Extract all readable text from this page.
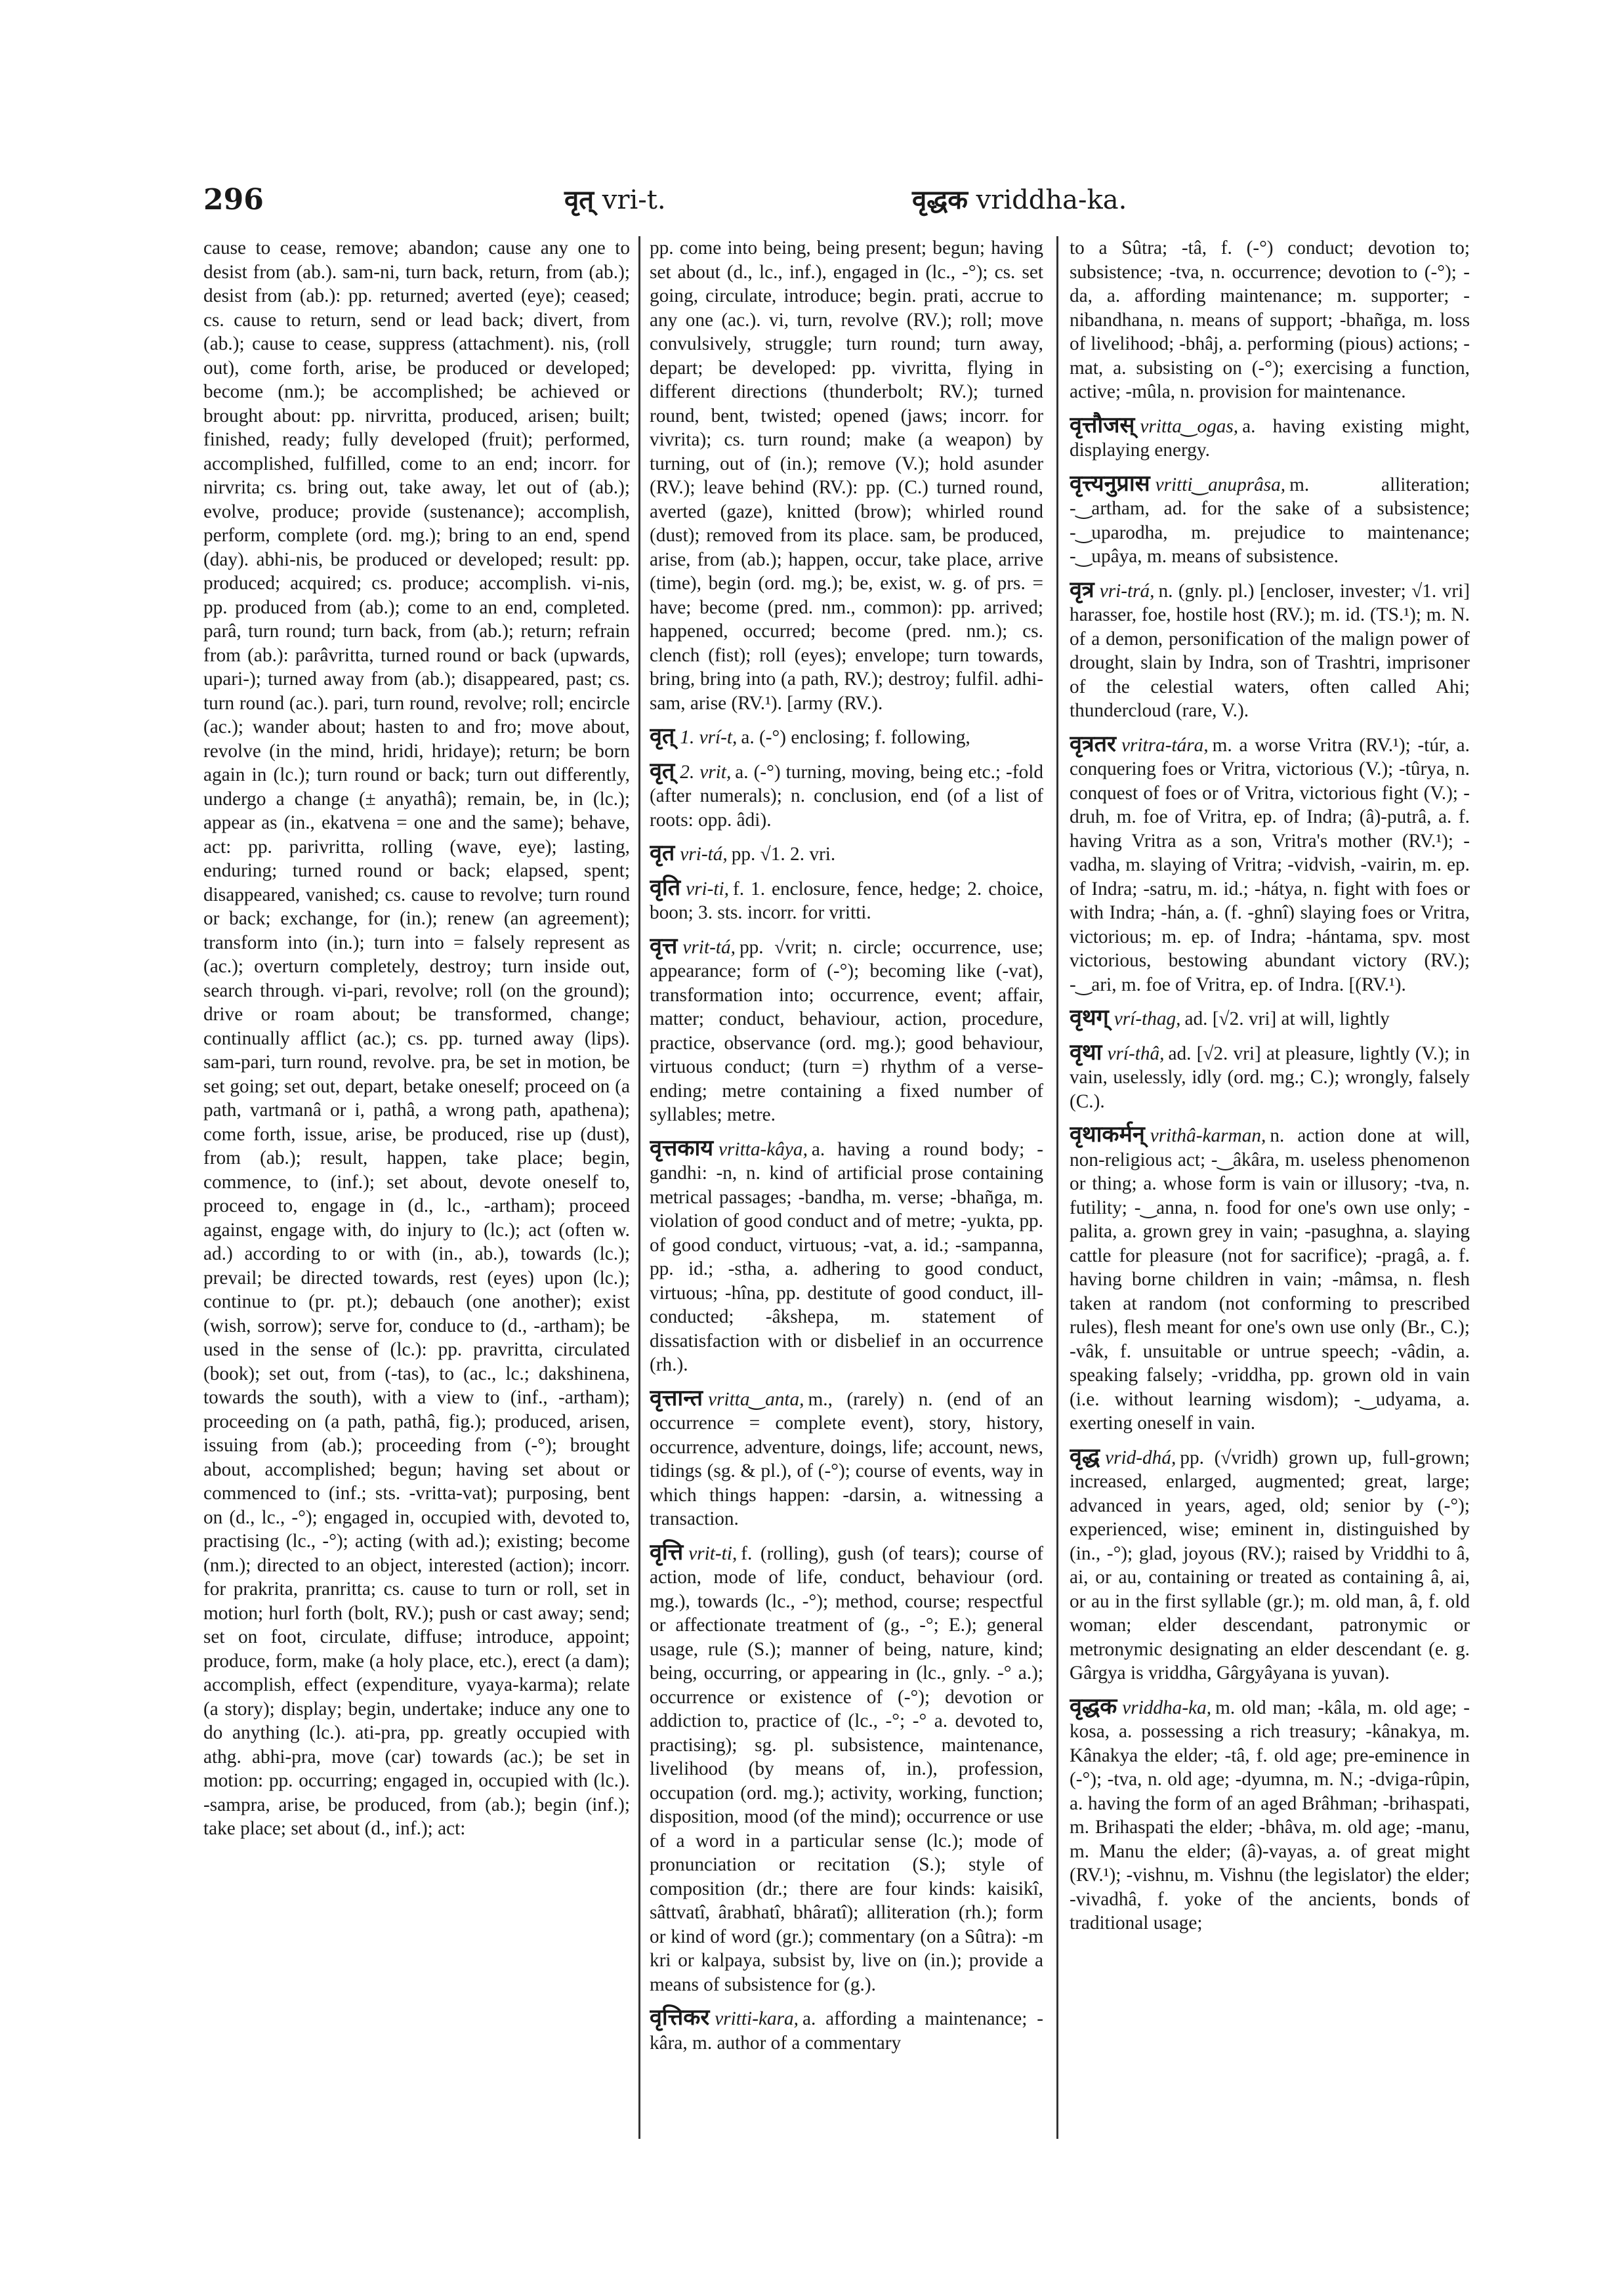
296	वृत् vri-t.	वृद्धक vriddha-ka.

cause to cease, remove; abandon; cause any one to desist from (ab.). sam-ni, turn back, return, from (ab.); desist from (ab.): pp. returned; averted (eye); ceased; cs. cause to return, send or lead back; divert, from (ab.); cause to cease, suppress (attachment). nis, (roll out), come forth, arise, be produced or developed; become (nm.); be accomplished; be achieved or brought about: pp. nirvritta, produced, arisen; built; finished, ready; fully developed (fruit); performed, accomplished, fulfilled, come to an end; incorr. for nirvrita; cs. bring out, take away, let out of (ab.); evolve, produce; provide (sustenance); accomplish, perform, complete (ord. mg.); bring to an end, spend (day). abhi-nis, be produced or developed; result: pp. produced; acquired; cs. produce; accomplish. vi-nis, pp. produced from (ab.); come to an end, completed. parâ, turn round; turn back, from (ab.); return; refrain from (ab.): parâvritta, turned round or back (upwards, upari-); turned away from (ab.); disappeared, past; cs. turn round (ac.). pari, turn round, revolve; roll; encircle (ac.); wander about; hasten to and fro; move about, revolve (in the mind, hridi, hridaye); return; be born again in (lc.); turn round or back; turn out differently, undergo a change (± anyathâ); remain, be, in (lc.); appear as (in., ekatvena = one and the same); behave, act: pp. parivritta, rolling (wave, eye); lasting, enduring; turned round or back; elapsed, spent; disappeared, vanished; cs. cause to revolve; turn round or back; exchange, for (in.); renew (an agreement); transform into (in.); turn into = falsely represent as (ac.); overturn completely, destroy; turn inside out, search through. vi-pari, revolve; roll (on the ground); drive or roam about; be transformed, change; continually afflict (ac.); cs. pp. turned away (lips). sam-pari, turn round, revolve. pra, be set in motion, be set going; set out, depart, betake oneself; proceed on (a path, vartmanâ or i, pathâ, a wrong path, apathena); come forth, issue, arise, be produced, rise up (dust), from (ab.); result, happen, take place; begin, commence, to (inf.); set about, devote oneself to, proceed to, engage in (d., lc., -artham); proceed against, engage with, do injury to (lc.); act (often w. ad.) according to or with (in., ab.), towards (lc.); prevail; be directed towards, rest (eyes) upon (lc.); continue to (pr. pt.); debauch (one another); exist (wish, sorrow); serve for, conduce to (d., -artham); be used in the sense of (lc.): pp. pravritta, circulated (book); set out, from (-tas), to (ac., lc.; dakshinena, towards the south), with a view to (inf., -artham); proceeding on (a path, pathâ, fig.); produced, arisen, issuing from (ab.); proceeding from (-°); brought about, accomplished; begun; having set about or commenced to (inf.; sts. -vritta-vat); purposing, bent on (d., lc., -°); engaged in, occupied with, devoted to, practising (lc., -°); acting (with ad.); existing; become (nm.); directed to an object, interested (action); incorr. for prakrita, pranritta; cs. cause to turn or roll, set in motion; hurl forth (bolt, RV.); push or cast away; send; set on foot, circulate, diffuse; introduce, appoint; produce, form, make (a holy place, etc.), erect (a dam); accomplish, effect (expenditure, vyaya-karma); relate (a story); display; begin, undertake; induce any one to do anything (lc.). ati-pra, pp. greatly occupied with athg. abhi-pra, move (car) towards (ac.); be set in motion: pp. occurring; engaged in, occupied with (lc.). -sampra, arise, be produced, from (ab.); begin (inf.); take place; set about (d., inf.); act:

pp. come into being, being present; begun; having set about (d., lc., inf.), engaged in (lc., -°); cs. set going, circulate, introduce; begin. prati, accrue to any one (ac.). vi, turn, revolve (RV.); roll; move convulsively, struggle; turn round; turn away, depart; be developed: pp. vivritta, flying in different directions (thunderbolt; RV.); turned round, bent, twisted; opened (jaws; incorr. for vivrita); cs. turn round; make (a weapon) by turning, out of (in.); remove (V.); hold asunder (RV.); leave behind (RV.): pp. (C.) turned round, averted (gaze), knitted (brow); whirled round (dust); removed from its place. sam, be produced, arise, from (ab.); happen, occur, take place, arrive (time), begin (ord. mg.); be, exist, w. g. of prs. = have; become (pred. nm., common): pp. arrived; happened, occurred; become (pred. nm.); cs. clench (fist); roll (eyes); envelope; turn towards, bring, bring into (a path, RV.); destroy; fulfil. adhi-sam, arise (RV.¹). [army (RV.).

वृत् 1. vrí-t, a. (-°) enclosing; f. following,

वृत् 2. vrit, a. (-°) turning, moving, being etc.; -fold (after numerals); n. conclusion, end (of a list of roots: opp. âdi).

वृत vri-tá, pp. √1. 2. vri.

वृति vri-ti, f. 1. enclosure, fence, hedge; 2. choice, boon; 3. sts. incorr. for vritti.

वृत्त vrit-tá, pp. √vrit; n. circle; occurrence, use; appearance; form of (-°); becoming like (-vat), transformation into; occurrence, event; affair, matter; conduct, behaviour, action, procedure, practice, observance (ord. mg.); good behaviour, virtuous conduct; (turn =) rhythm of a verse-ending; metre containing a fixed number of syllables; metre.

वृत्तकाय vritta-kâya, a. having a round body; -gandhi: -n, n. kind of artificial prose containing metrical passages; -bandha, m. verse; -bhañga, m. violation of good conduct and of metre; -yukta, pp. of good conduct, virtuous; -vat, a. id.; -sampanna, pp. id.; -stha, a. adhering to good conduct, virtuous; -hîna, pp. destitute of good conduct, ill-conducted; -âkshepa, m. statement of dissatisfaction with or disbelief in an occurrence (rh.).

वृत्तान्त vritta‿anta, m., (rarely) n. (end of an occurrence = complete event), story, history, occurrence, adventure, doings, life; account, news, tidings (sg. & pl.), of (-°); course of events, way in which things happen: -darsin, a. witnessing a transaction.

वृत्ति vrit-ti, f. (rolling), gush (of tears); course of action, mode of life, conduct, behaviour (ord. mg.), towards (lc., -°); method, course; respectful or affectionate treatment of (g., -°; E.); general usage, rule (S.); manner of being, nature, kind; being, occurring, or appearing in (lc., gnly. -° a.); occurrence or existence of (-°); devotion or addiction to, practice of (lc., -°; -° a. devoted to, practising); sg. pl. subsistence, maintenance, livelihood (by means of, in.), profession, occupation (ord. mg.); activity, working, function; disposition, mood (of the mind); occurrence or use of a word in a particular sense (lc.); mode of pronunciation or recitation (S.); style of composition (dr.; there are four kinds: kaisikî, sâttvatî, ârabhatî, bhâratî); alliteration (rh.); form or kind of word (gr.); commentary (on a Sûtra): -m kri or kalpaya, subsist by, live on (in.); provide a means of subsistence for (g.).

वृत्तिकर vritti-kara, a. affording a maintenance; -kâra, m. author of a commentary

to a Sûtra; -tâ, f. (-°) conduct; devotion to; subsistence; -tva, n. occurrence; devotion to (-°); -da, a. affording maintenance; m. supporter; -nibandhana, n. means of support; -bhañga, m. loss of livelihood; -bhâj, a. performing (pious) actions; -mat, a. subsisting on (-°); exercising a function, active; -mûla, n. provision for maintenance.

वृत्तौजस् vritta‿ogas, a. having existing might, displaying energy.

वृत्त्यनुप्रास vritti‿anuprâsa, m. alliteration; -‿artham, ad. for the sake of a subsistence; -‿uparodha, m. prejudice to maintenance; -‿upâya, m. means of subsistence.

वृत्र vri-trá, n. (gnly. pl.) [encloser, invester; √1. vri] harasser, foe, hostile host (RV.); m. id. (TS.¹); m. N. of a demon, personification of the malign power of drought, slain by Indra, son of Trashtri, imprisoner of the celestial waters, often called Ahi; thundercloud (rare, V.).

वृत्रतर vritra-tára, m. a worse Vritra (RV.¹); -túr, a. conquering foes or Vritra, victorious (V.); -tûrya, n. conquest of foes or of Vritra, victorious fight (V.); -druh, m. foe of Vritra, ep. of Indra; (â)-putrâ, a. f. having Vritra as a son, Vritra's mother (RV.¹); -vadha, m. slaying of Vritra; -vidvish, -vairin, m. ep. of Indra; -satru, m. id.; -hátya, n. fight with foes or with Indra; -hán, a. (f. -ghnî) slaying foes or Vritra, victorious; m. ep. of Indra; -hántama, spv. most victorious, bestowing abundant victory (RV.); -‿ari, m. foe of Vritra, ep. of Indra. [(RV.¹).

वृथग् vrí-thag, ad. [√2. vri] at will, lightly

वृथा vrí-thâ, ad. [√2. vri] at pleasure, lightly (V.); in vain, uselessly, idly (ord. mg.; C.); wrongly, falsely (C.).

वृथाकर्मन् vrithâ-karman, n. action done at will, non-religious act; -‿âkâra, m. useless phenomenon or thing; a. whose form is vain or illusory; -tva, n. futility; -‿anna, n. food for one's own use only; -palita, a. grown grey in vain; -pasughna, a. slaying cattle for pleasure (not for sacrifice); -pragâ, a. f. having borne children in vain; -mâmsa, n. flesh taken at random (not conforming to prescribed rules), flesh meant for one's own use only (Br., C.); -vâk, f. unsuitable or untrue speech; -vâdin, a. speaking falsely; -vriddha, pp. grown old in vain (i.e. without learning wisdom); -‿udyama, a. exerting oneself in vain.

वृद्ध vrid-dhá, pp. (√vridh) grown up, full-grown; increased, enlarged, augmented; great, large; advanced in years, aged, old; senior by (-°); experienced, wise; eminent in, distinguished by (in., -°); glad, joyous (RV.); raised by Vriddhi to â, ai, or au, containing or treated as containing â, ai, or au in the first syllable (gr.); m. old man, â, f. old woman; elder descendant, patronymic or metronymic designating an elder descendant (e. g. Gârgya is vriddha, Gârgyâyana is yuvan).

वृद्धक vriddha-ka, m. old man; -kâla, m. old age; -kosa, a. possessing a rich treasury; -kânakya, m. Kânakya the elder; -tâ, f. old age; pre-eminence in (-°); -tva, n. old age; -dyumna, m. N.; -dviga-rûpin, a. having the form of an aged Brâhman; -brihaspati, m. Brihaspati the elder; -bhâva, m. old age; -manu, m. Manu the elder; (â)-vayas, a. of great might (RV.¹); -vishnu, m. Vishnu (the legislator) the elder; -vivadhâ, f. yoke of the ancients, bonds of traditional usage;
